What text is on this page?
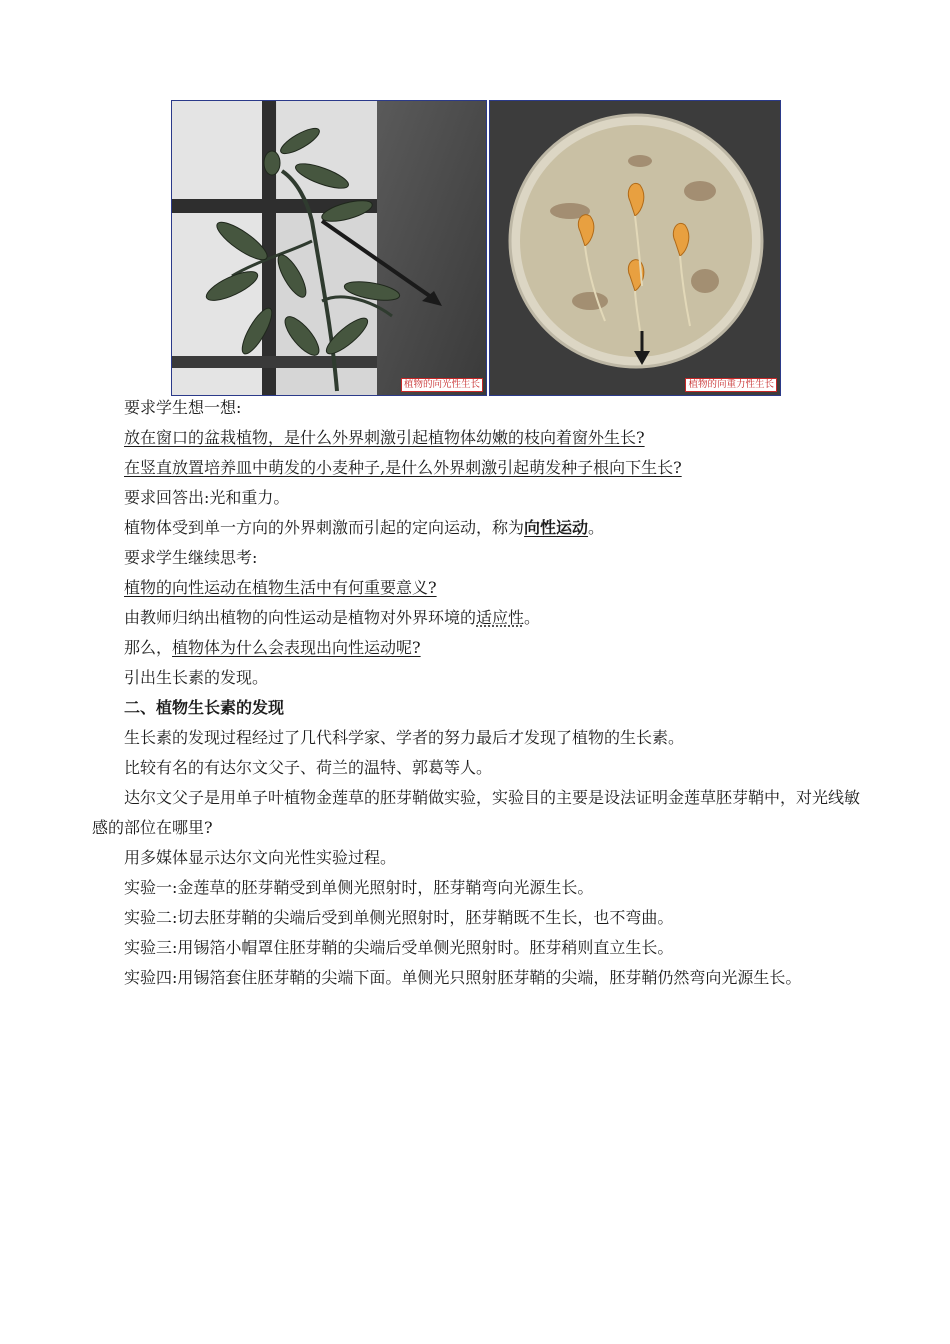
植物的向光性生长	植物的向重力性生长

要求学生想一想:

放在窗口的盆栽植物，是什么外界刺激引起植物体幼嫩的枝向着窗外生长?

在竖直放置培养皿中萌发的小麦种子,是什么外界刺激引起萌发种子根向下生长?

要求回答出:光和重力。

植物体受到单一方向的外界刺激而引起的定向运动，称为向性运动。

要求学生继续思考:

植物的向性运动在植物生活中有何重要意义?

由教师归纳出植物的向性运动是植物对外界环境的适应性。

那么，植物体为什么会表现出向性运动呢?

引出生长素的发现。

二、植物生长素的发现

生长素的发现过程经过了几代科学家、学者的努力最后才发现了植物的生长素。

比较有名的有达尔文父子、荷兰的温特、郭葛等人。

达尔文父子是用单子叶植物金莲草的胚芽鞘做实验，实验目的主要是设法证明金莲草胚芽鞘中，对光线敏感的部位在哪里?

用多媒体显示达尔文向光性实验过程。

实验一:金莲草的胚芽鞘受到单侧光照射时，胚芽鞘弯向光源生长。

实验二:切去胚芽鞘的尖端后受到单侧光照射时，胚芽鞘既不生长，也不弯曲。

实验三:用锡箔小帽罩住胚芽鞘的尖端后受单侧光照射时。胚芽稍则直立生长。

实验四:用锡箔套住胚芽鞘的尖端下面。单侧光只照射胚芽鞘的尖端，胚芽鞘仍然弯向光源生长。
